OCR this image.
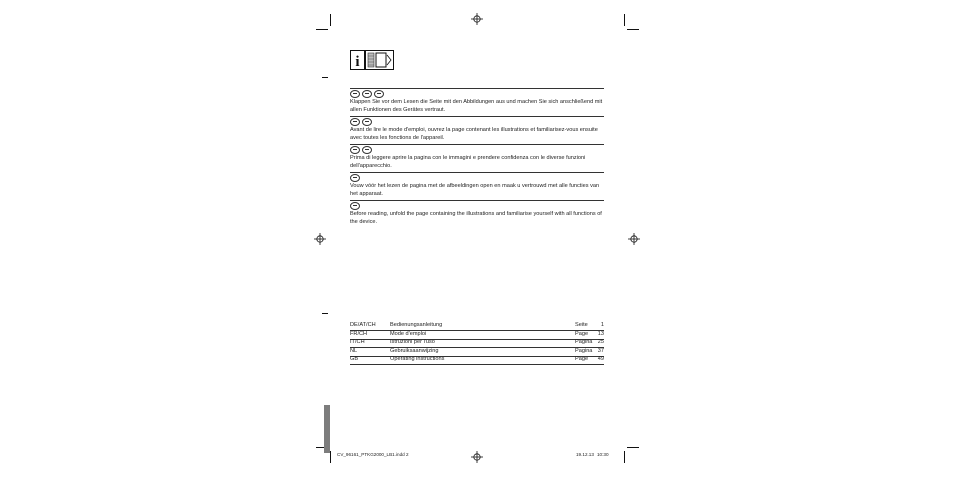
i
Klappen Sie vor dem Lesen die Seite mit den Abbildungen aus und machen Sie sich anschließend mit allen Funktionen des Gerätes vertraut.
Avant de lire le mode d'emploi, ouvrez la page contenant les illustrations et familiarisez-vous ensuite avec toutes les fonctions de l'appareil.
Prima di leggere aprire la pagina con le immagini e prendere confidenza con le diverse funzioni dell'apparecchio.
Vouw vóór het lezen de pagina met de afbeeldingen open en maak u vertrouwd met alle functies van het apparaat.
Before reading, unfold the page containing the illustrations and familiarise yourself with all functions of the device.
DE/AT/CH	Bedienungsanleitung	Seite 1
FR/CH	Mode d'emploi	Page 13
IT/CH	Istruzioni per l'uso	Pagina 25
NL	Gebruiksaanwijzing	Pagina 37
GB	Operating instructions	Page 49
CV_96161_PTKG2000_LB1.indd 2	19.12.13 10:30
